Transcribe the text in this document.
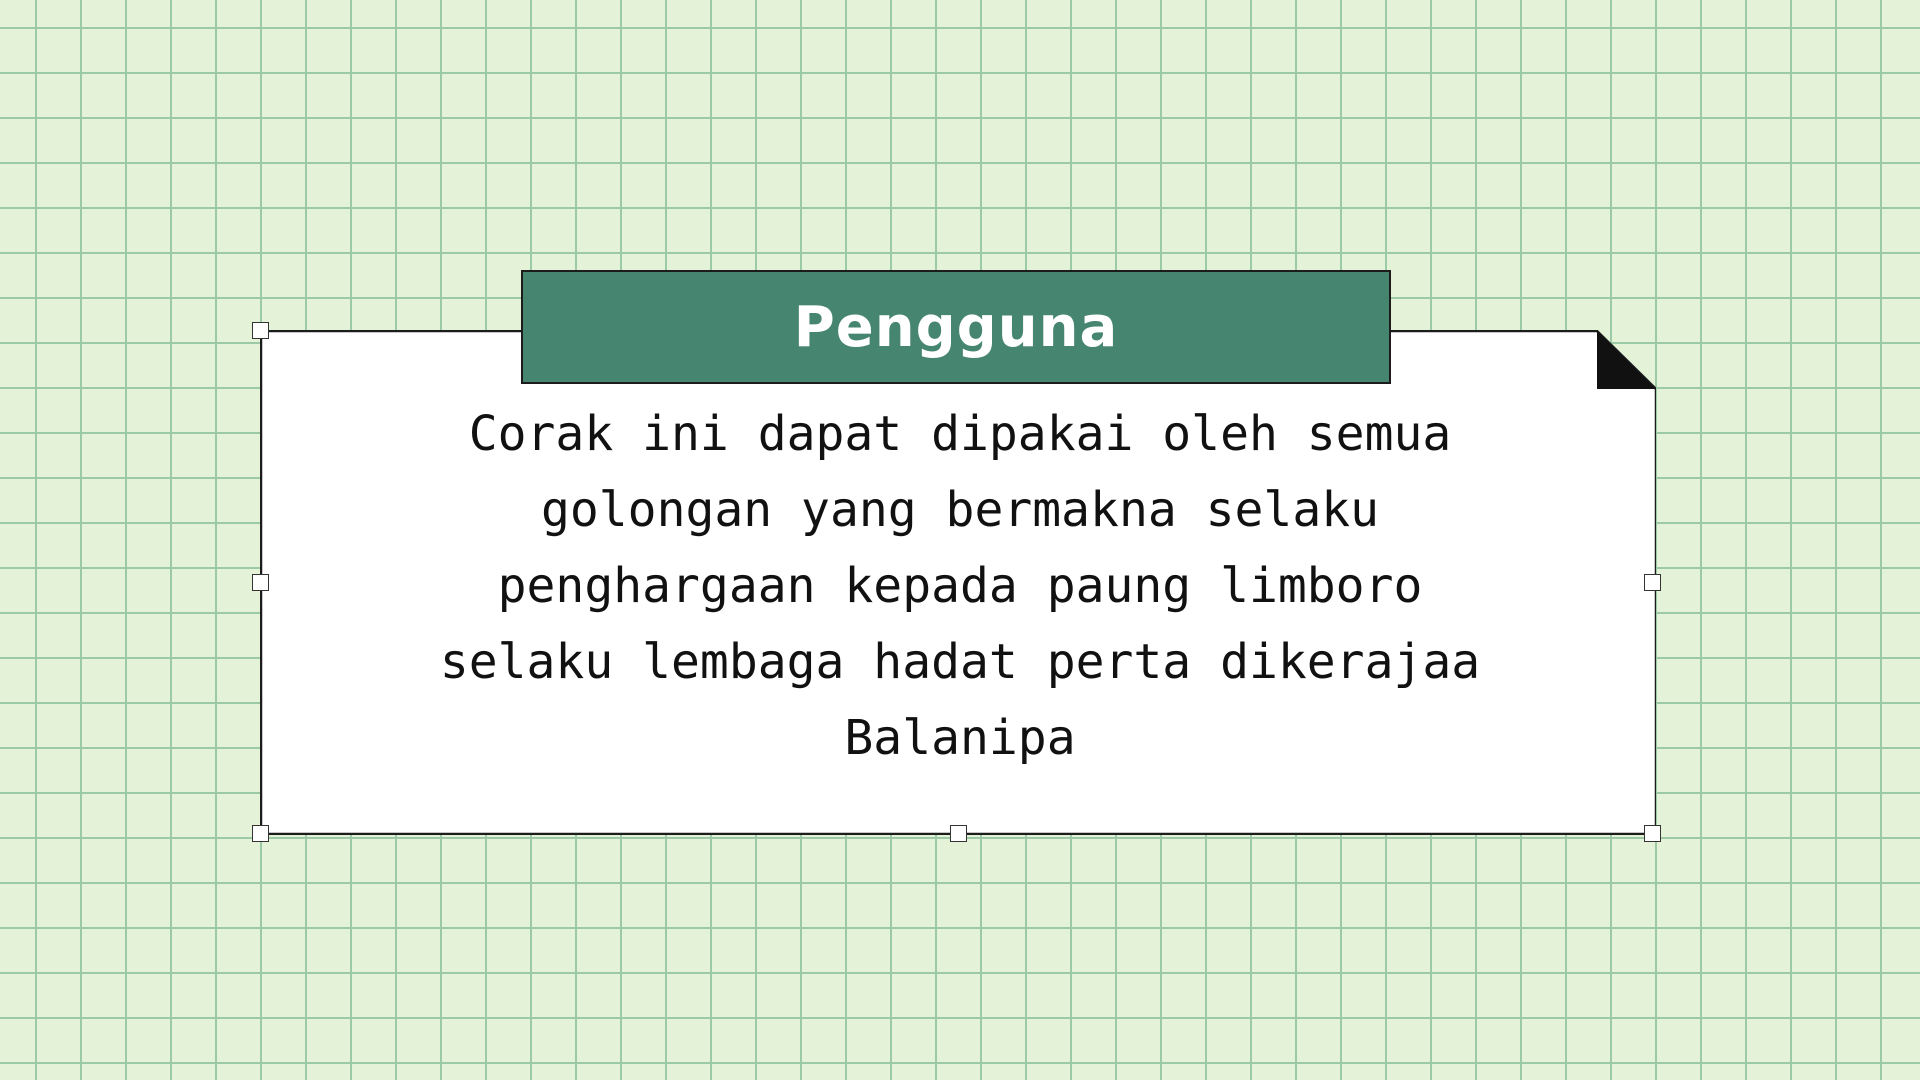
Pengguna

Corak ini dapat dipakai oleh semua
golongan yang bermakna selaku
penghargaan kepada paung limboro
selaku lembaga hadat perta dikerajaa
Balanipa
